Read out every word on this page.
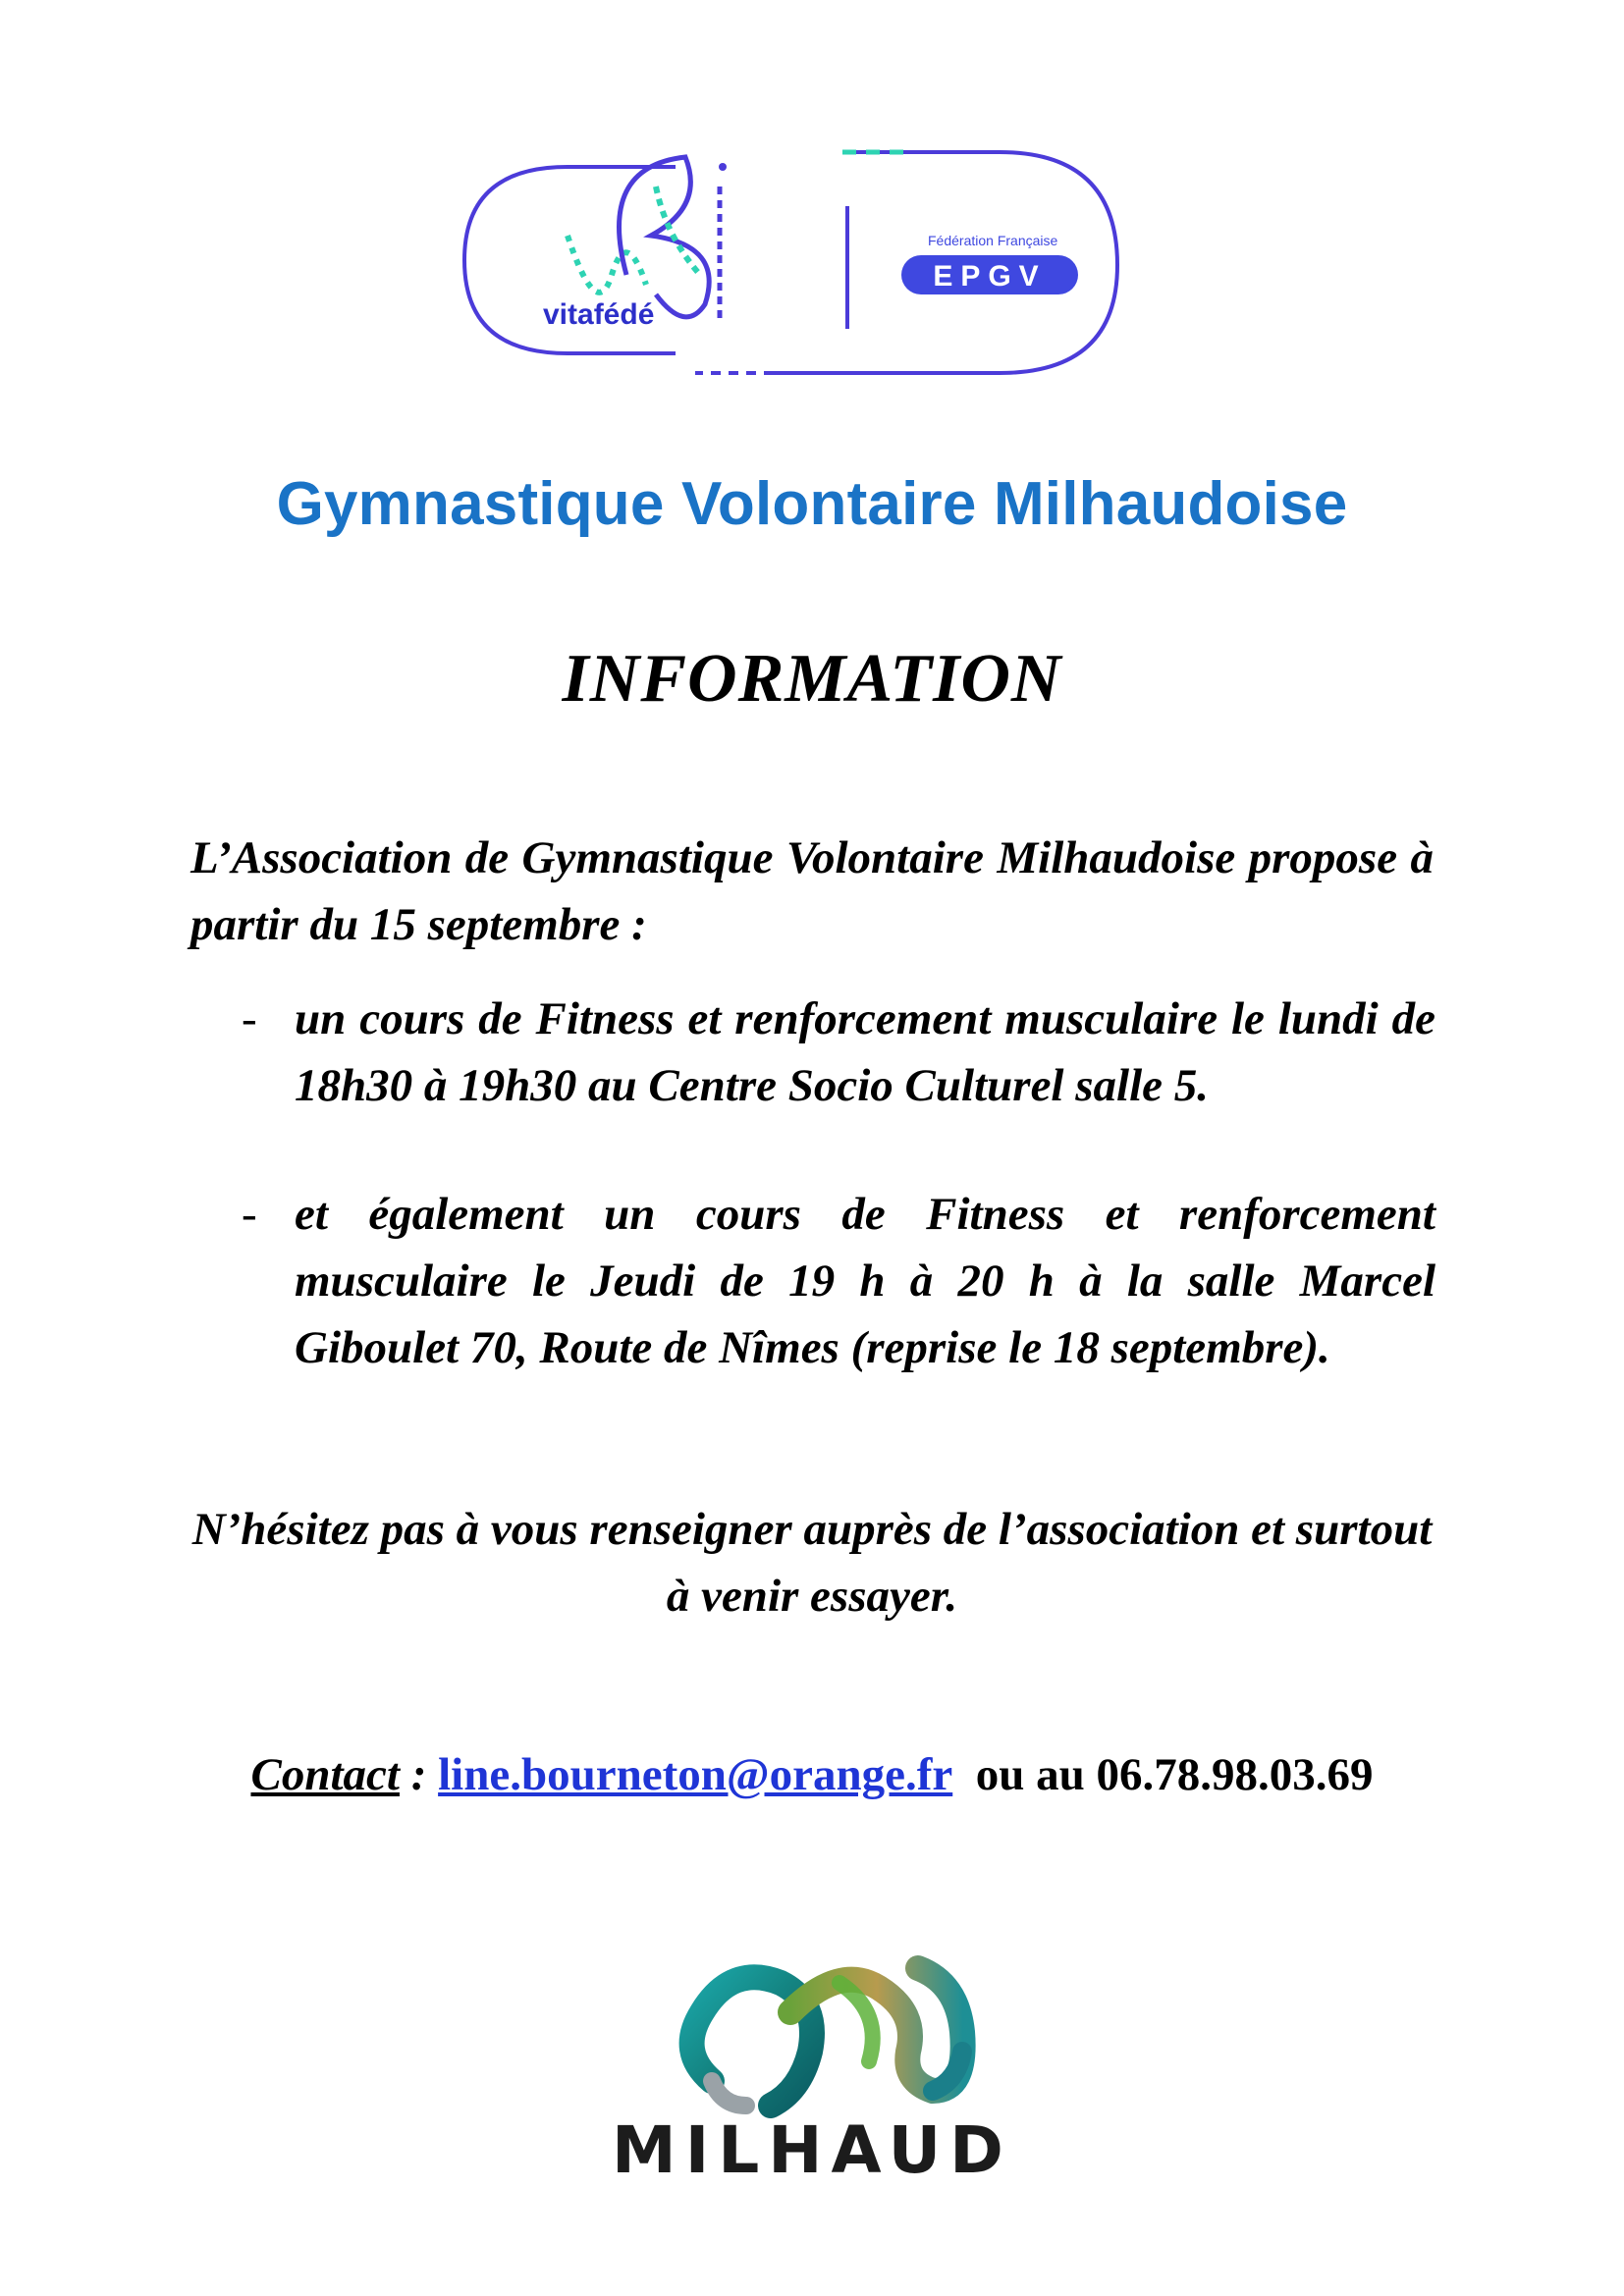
vitafédé
Fédération Française
EPGV
Gymnastique Volontaire Milhaudoise
INFORMATION
L’Association de Gymnastique Volontaire Milhaudoise propose à partir du 15 septembre :
- un cours de Fitness et renforcement musculaire le lundi de 18h30 à 19h30 au Centre Socio Culturel salle 5.
- et également un cours de Fitness et renforcement musculaire le Jeudi de 19 h à 20 h à la salle Marcel Giboulet 70, Route de Nîmes (reprise le 18 septembre).
N’hésitez pas à vous renseigner auprès de l’association et surtout à venir essayer.
Contact : line.bourneton@orange.fr ou au 06.78.98.03.69
MILHAUD
